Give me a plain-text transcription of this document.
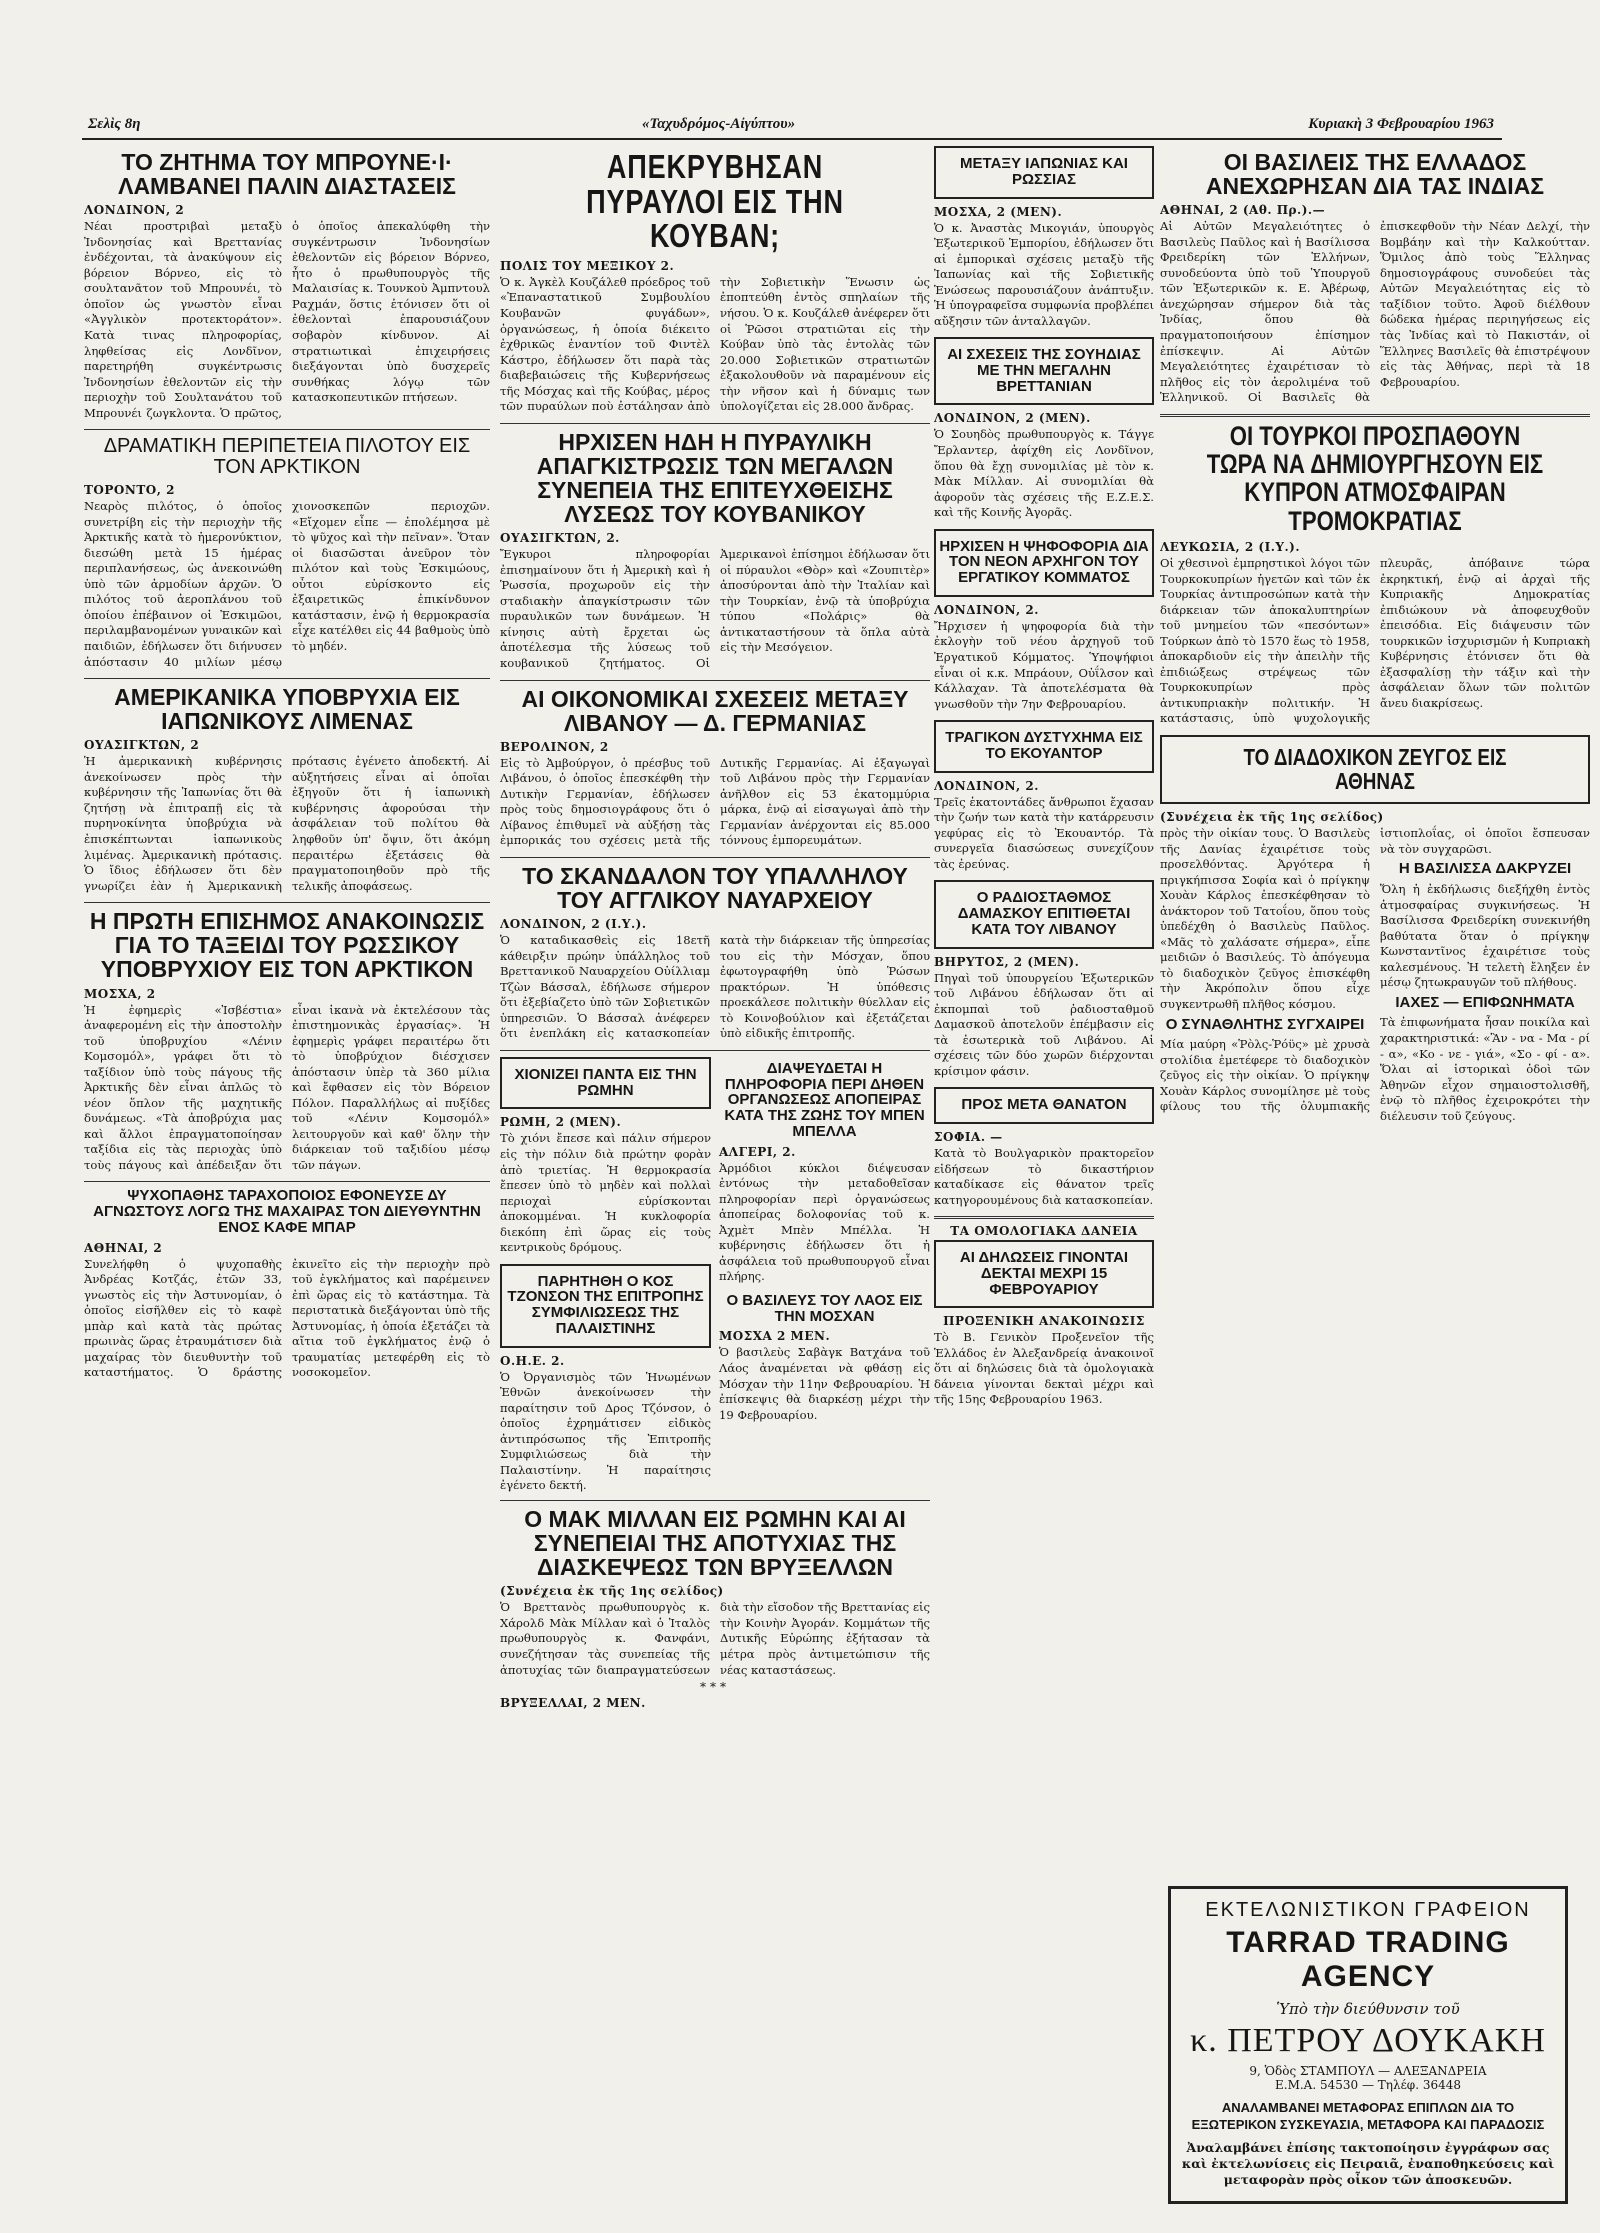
Σελὶς 8η	«Ταχυδρόμος-Αἰγύπτου»	Κυριακὴ 3 Φεβρουαρίου 1963
ΤΟ ΖΗΤΗΜΑ ΤΟΥ ΜΠΡΟΥΝΕ·Ι· ΛΑΜΒΑΝΕΙ ΠΑΛΙΝ ΔΙΑΣΤΑΣΕΙΣ
ΛΟΝΔΙΝΟΝ, 2

Νέαι προστριβαὶ μεταξὺ Ἰνδονησίας καὶ Βρεττανίας ἐνδέχονται, τὰ ἀνακύψουν εἰς βόρειον Βόρνεο, εἰς τὸ σουλτανᾶτον τοῦ Μπρουνέι, τὸ ὁποῖον ὡς γνωστὸν εἶναι «Ἀγγλικὸν προτεκτοράτον». Κατὰ τινας πληροφορίας, ληφθείσας εἰς Λονδῖνον, παρετηρήθη συγκέντρωσις Ἰνδονησίων ἐθελοντῶν εἰς τὴν περιοχὴν τοῦ Σουλτανάτου τοῦ Μπρουνέι ζωγκλοντα. Ὁ πρῶτος, ὁ ὁποῖος ἀπεκαλύφθη τὴν συγκέντρωσιν Ἰνδονησίων ἐθελοντῶν εἰς βόρειον Βόρνεο, ἦτο ὁ πρωθυπουργὸς τῆς Μαλαισίας κ. Τουνκοὺ Ἀμπντουλ Ραχμάν, ὅστις ἐτόνισεν ὅτι οἱ ἐθελονταὶ ἐπαρουσιάζουν σοβαρὸν κίνδυνον. Αἱ στρατιωτικαὶ ἐπιχειρήσεις διεξάγονται ὑπὸ δυσχερεῖς συνθήκας λόγῳ τῶν κατασκοπευτικῶν πτήσεων.

ΔΡΑΜΑΤΙΚΗ ΠΕΡΙΠΕΤΕΙΑ ΠΙΛΟΤΟΥ ΕΙΣ ΤΟΝ ΑΡΚΤΙΚΟΝ
ΤΟΡΟΝΤΟ, 2

Νεαρὸς πιλότος, ὁ ὁποῖος συνετρίβη εἰς τὴν περιοχὴν τῆς Ἀρκτικῆς κατὰ τὸ ἡμερονύκτιον, διεσώθη μετὰ 15 ἡμέρας περιπλανήσεως, ὡς ἀνεκοινώθη ὑπὸ τῶν ἁρμοδίων ἀρχῶν. Ὁ πιλότος τοῦ ἀεροπλάνου τοῦ ὁποίου ἐπέβαινον οἱ Ἐσκιμῶοι, περιλαμβανομένων γυναικῶν καὶ παιδιῶν, ἐδήλωσεν ὅτι διήνυσεν ἀπόστασιν 40 μιλίων μέσῳ χιονοσκεπῶν περιοχῶν. «Εἴχομεν εἶπε — ἐπολέμησα μὲ τὸ ψῦχος καὶ τὴν πεῖναν». Ὅταν οἱ διασῶσται ἀνεῦρον τὸν πιλότον καὶ τοὺς Ἐσκιμώους, οὗτοι εὑρίσκοντο εἰς ἐξαιρετικῶς ἐπικίνδυνον κατάστασιν, ἐνῷ ἡ θερμοκρασία εἶχε κατέλθει εἰς 44 βαθμοὺς ὑπὸ τὸ μηδέν.

ΑΜΕΡΙΚΑΝΙΚΑ ΥΠΟΒΡΥΧΙΑ ΕΙΣ ΙΑΠΩΝΙΚΟΥΣ ΛΙΜΕΝΑΣ
ΟΥΑΣΙΓΚΤΩΝ, 2

Ἡ ἀμερικανικὴ κυβέρνησις ἀνεκοίνωσεν πρὸς τὴν κυβέρνησιν τῆς Ἰαπωνίας ὅτι θὰ ζητήσῃ νὰ ἐπιτραπῇ εἰς τὰ πυρηνοκίνητα ὑποβρύχια νὰ ἐπισκέπτωνται ἰαπωνικοὺς λιμένας. Ἀμερικανικὴ πρότασις. Ὁ ἴδιος ἐδήλωσεν ὅτι δὲν γνωρίζει ἐὰν ἡ Ἀμερικανικὴ πρότασις ἐγένετο ἀποδεκτή. Αἱ αὐξητήσεις εἶναι αἱ ὁποῖαι ἐξηγοῦν ὅτι ἡ ἰαπωνικὴ κυβέρνησις ἀφορούσαι τὴν ἀσφάλειαν τοῦ πολίτου θὰ ληφθοῦν ὑπ' ὄψιν, ὅτι ἀκόμη περαιτέρω ἐξετάσεις θὰ πραγματοποιηθοῦν πρὸ τῆς τελικῆς ἀποφάσεως.

Η ΠΡΩΤΗ ΕΠΙΣΗΜΟΣ ΑΝΑΚΟΙΝΩΣΙΣ ΓΙΑ ΤΟ ΤΑΞΕΙΔΙ ΤΟΥ ΡΩΣΣΙΚΟΥ ΥΠΟΒΡΥΧΙΟΥ ΕΙΣ ΤΟΝ ΑΡΚΤΙΚΟΝ
ΜΟΣΧΑ, 2

Ἡ ἐφημερὶς «Ἰσβέστια» ἀναφερομένη εἰς τὴν ἀποστολὴν τοῦ ὑποβρυχίου «Λένιν Κομσομόλ», γράφει ὅτι τὸ ταξίδιον ὑπὸ τοὺς πάγους τῆς Ἀρκτικῆς δὲν εἶναι ἁπλῶς τὸ νέον ὅπλον τῆς μαχητικῆς δυνάμεως. «Τὰ ἀποβρύχια μας καὶ ἄλλοι ἐπραγματοποίησαν ταξίδια εἰς τὰς περιοχὰς ὑπὸ τοὺς πάγους καὶ ἀπέδειξαν ὅτι εἶναι ἱκανὰ νὰ ἐκτελέσουν τὰς ἐπιστημονικὰς ἐργασίας». Ἡ ἐφημερὶς γράφει περαιτέρω ὅτι τὸ ὑποβρύχιον διέσχισεν ἀπόστασιν ὑπὲρ τὰ 360 μίλια καὶ ἔφθασεν εἰς τὸν Βόρειον Πόλον. Παραλλήλως αἱ πυξίδες τοῦ «Λένιν Κομσομόλ» λειτουργοῦν καὶ καθ' ὅλην τὴν διάρκειαν τοῦ ταξιδίου μέσῳ τῶν πάγων.

ΨΥΧΟΠΑΘΗΣ ΤΑΡΑΧΟΠΟΙΟΣ ΕΦΟΝΕΥΣΕ ΔΥ ΑΓΝΩΣΤΟΥΣ ΛΟΓΩ ΤΗΣ ΜΑΧΑΙΡΑΣ ΤΟΝ ΔΙΕΥΘΥΝΤΗΝ ΕΝΟΣ ΚΑΦΕ ΜΠΑΡ
ΑΘΗΝΑΙ, 2

Συνελήφθη ὁ ψυχοπαθὴς Ἀνδρέας Κοτζάς, ἐτῶν 33, γνωστὸς εἰς τὴν Ἀστυνομίαν, ὁ ὁποῖος εἰσῆλθεν εἰς τὸ καφὲ μπὰρ καὶ κατὰ τὰς πρώτας πρωινὰς ὥρας ἐτραυμάτισεν διὰ μαχαίρας τὸν διευθυντὴν τοῦ καταστήματος. Ὁ δράστης ἐκινεῖτο εἰς τὴν περιοχὴν πρὸ τοῦ ἐγκλήματος καὶ παρέμεινεν ἐπὶ ὥρας εἰς τὸ κατάστημα. Τὰ περιστατικὰ διεξάγονται ὑπὸ τῆς Ἀστυνομίας, ἡ ὁποία ἐξετάζει τὰ αἴτια τοῦ ἐγκλήματος ἐνῷ ὁ τραυματίας μετεφέρθη εἰς τὸ νοσοκομεῖον.

ΑΠΕΚΡΥΒΗΣΑΝ ΠΥΡΑΥΛΟΙ ΕΙΣ ΤΗΝ ΚΟΥΒΑΝ;
ΠΟΛΙΣ ΤΟΥ ΜΕΞΙΚΟΥ 2.

Ὁ κ. Ἀγκὲλ Κουζάλεθ πρόεδρος τοῦ «Ἐπαναστατικοῦ Συμβουλίου Κουβανῶν φυγάδων», ὀργανώσεως, ἡ ὁποία διέκειτο ἐχθρικῶς ἐναντίον τοῦ Φιντὲλ Κάστρο, ἐδήλωσεν ὅτι παρὰ τὰς διαβεβαιώσεις τῆς Κυβερνήσεως τῆς Μόσχας καὶ τῆς Κούβας, μέρος τῶν πυραύλων ποὺ ἐστάλησαν ἀπὸ τὴν Σοβιετικὴν Ἕνωσιν ὡς ἐποπτεύθη ἐντὸς σπηλαίων τῆς νήσου. Ὁ κ. Κουζάλεθ ἀνέφερεν ὅτι οἱ Ῥῶσοι στρατιῶται εἰς τὴν Κούβαν ὑπὸ τὰς ἐντολὰς τῶν 20.000 Σοβιετικῶν στρατιωτῶν ἐξακολουθοῦν νὰ παραμένουν εἰς τὴν νῆσον καὶ ἡ δύναμις των ὑπολογίζεται εἰς 28.000 ἄνδρας.

ΗΡΧΙΣΕΝ ΗΔΗ Η ΠΥΡΑΥΛΙΚΗ ΑΠΑΓΚΙΣΤΡΩΣΙΣ ΤΩΝ ΜΕΓΑΛΩΝ ΣΥΝΕΠΕΙΑ ΤΗΣ ΕΠΙΤΕΥΧΘΕΙΣΗΣ ΛΥΣΕΩΣ ΤΟΥ ΚΟΥΒΑΝΙΚΟΥ
ΟΥΑΣΙΓΚΤΩΝ, 2.

Ἔγκυροι πληροφορίαι ἐπισημαίνουν ὅτι ἡ Ἀμερικὴ καὶ ἡ Ῥωσσία, προχωροῦν εἰς τὴν σταδιακὴν ἀπαγκίστρωσιν τῶν πυραυλικῶν των δυνάμεων. Ἡ κίνησις αὐτὴ ἔρχεται ὡς ἀποτέλεσμα τῆς λύσεως τοῦ κουβανικοῦ ζητήματος. Οἱ Ἀμερικανοὶ ἐπίσημοι ἐδήλωσαν ὅτι οἱ πύραυλοι «Θὸρ» καὶ «Ζουπιτὲρ» ἀποσύρονται ἀπὸ τὴν Ἰταλίαν καὶ τὴν Τουρκίαν, ἐνῷ τὰ ὑποβρύχια τύπου «Πολάρις» θὰ ἀντικαταστήσουν τὰ ὅπλα αὐτὰ εἰς τὴν Μεσόγειον.

ΑΙ ΟΙΚΟΝΟΜΙΚΑΙ ΣΧΕΣΕΙΣ ΜΕΤΑΞΥ ΛΙΒΑΝΟΥ — Δ. ΓΕΡΜΑΝΙΑΣ
ΒΕΡΟΛΙΝΟΝ, 2

Εἰς τὸ Ἀμβούργον, ὁ πρέσβυς τοῦ Λιβάνου, ὁ ὁποῖος ἐπεσκέφθη τὴν Δυτικὴν Γερμανίαν, ἐδήλωσεν πρὸς τοὺς δημοσιογράφους ὅτι ὁ Λίβανος ἐπιθυμεῖ νὰ αὐξήσῃ τὰς ἐμπορικάς του σχέσεις μετὰ τῆς Δυτικῆς Γερμανίας. Αἱ ἐξαγωγαὶ τοῦ Λιβάνου πρὸς τὴν Γερμανίαν ἀνῆλθον εἰς 53 ἑκατομμύρια μάρκα, ἐνῷ αἱ εἰσαγωγαὶ ἀπὸ τὴν Γερμανίαν ἀνέρχονται εἰς 85.000 τόννους ἐμπορευμάτων.

ΤΟ ΣΚΑΝΔΑΛΟΝ ΤΟΥ ΥΠΑΛΛΗΛΟΥ ΤΟΥ ΑΓΓΛΙΚΟΥ ΝΑΥΑΡΧΕΙΟΥ
ΛΟΝΔΙΝΟΝ, 2 (Ι.Υ.).

Ὁ καταδικασθεὶς εἰς 18ετῆ κάθειρξιν πρώην ὑπάλληλος τοῦ Βρεττανικοῦ Ναυαρχείου Οὐίλλιαμ Τζὼν Βάσσαλ, ἐδήλωσε σήμερον ὅτι ἐξεβίαζετο ὑπὸ τῶν Σοβιετικῶν ὑπηρεσιῶν. Ὁ Βάσσαλ ἀνέφερεν ὅτι ἐνεπλάκη εἰς κατασκοπείαν κατὰ τὴν διάρκειαν τῆς ὑπηρεσίας του εἰς τὴν Μόσχαν, ὅπου ἐφωτογραφήθη ὑπὸ Ῥώσων πρακτόρων. Ἡ ὑπόθεσις προεκάλεσε πολιτικὴν θύελλαν εἰς τὸ Κοινοβούλιον καὶ ἐξετάζεται ὑπὸ εἰδικῆς ἐπιτροπῆς.

ΧΙΟΝΙΖΕΙ ΠΑΝΤΑ ΕΙΣ ΤΗΝ ΡΩΜΗΝ
ΡΩΜΗ, 2 (ΜΕΝ).

Τὸ χιόνι ἔπεσε καὶ πάλιν σήμερον εἰς τὴν πόλιν διὰ πρώτην φορὰν ἀπὸ τριετίας. Ἡ θερμοκρασία ἔπεσεν ὑπὸ τὸ μηδὲν καὶ πολλαὶ περιοχαὶ εὑρίσκονται ἀποκομμέναι. Ἡ κυκλοφορία διεκόπη ἐπὶ ὥρας εἰς τοὺς κεντρικοὺς δρόμους.

ΠΑΡΗΤΗΘΗ Ο ΚΟΣ ΤΖΟΝΣΟΝ ΤΗΣ ΕΠΙΤΡΟΠΗΣ ΣΥΜΦΙΛΙΩΣΕΩΣ ΤΗΣ ΠΑΛΑΙΣΤΙΝΗΣ
Ο.Η.Ε. 2.

Ὁ Ὀργανισμὸς τῶν Ἡνωμένων Ἐθνῶν ἀνεκοίνωσεν τὴν παραίτησιν τοῦ Δρος Τζόνσον, ὁ ὁποῖος ἐχρημάτισεν εἰδικὸς ἀντιπρόσωπος τῆς Ἐπιτροπῆς Συμφιλιώσεως διὰ τὴν Παλαιστίνην. Ἡ παραίτησις ἐγένετο δεκτή.

ΔΙΑΨΕΥΔΕΤΑΙ Η ΠΛΗΡΟΦΟΡΙΑ ΠΕΡΙ ΔΗΘΕΝ ΟΡΓΑΝΩΣΕΩΣ ΑΠΟΠΕΙΡΑΣ ΚΑΤΑ ΤΗΣ ΖΩΗΣ ΤΟΥ ΜΠΕΝ ΜΠΕΛΛΑ
ΑΛΓΕΡΙ, 2.

Ἀρμόδιοι κύκλοι διέψευσαν ἐντόνως τὴν μεταδοθεῖσαν πληροφορίαν περὶ ὀργανώσεως ἀποπείρας δολοφονίας τοῦ κ. Ἀχμὲτ Μπὲν Μπέλλα. Ἡ κυβέρνησις ἐδήλωσεν ὅτι ἡ ἀσφάλεια τοῦ πρωθυπουργοῦ εἶναι πλήρης.

Ο ΒΑΣΙΛΕΥΣ ΤΟΥ ΛΑΟΣ ΕΙΣ ΤΗΝ ΜΟΣΧΑΝ
ΜΟΣΧΑ 2 ΜΕΝ.

Ὁ βασιλεὺς Σαβὰγκ Βατχάνα τοῦ Λάος ἀναμένεται νὰ φθάσῃ εἰς Μόσχαν τὴν 11ην Φεβρουαρίου. Ἡ ἐπίσκεψις θὰ διαρκέσῃ μέχρι τὴν 19 Φεβρουαρίου.

Ο ΜΑΚ ΜΙΛΛΑΝ ΕΙΣ ΡΩΜΗΝ ΚΑΙ ΑΙ ΣΥΝΕΠΕΙΑΙ ΤΗΣ ΑΠΟΤΥΧΙΑΣ ΤΗΣ ΔΙΑΣΚΕΨΕΩΣ ΤΩΝ ΒΡΥΞΕΛΛΩΝ
(Συνέχεια ἐκ τῆς 1ης σελίδος)

Ὁ Βρεττανὸς πρωθυπουργὸς κ. Χάρολδ Μὰκ Μίλλαν καὶ ὁ Ἰταλὸς πρωθυπουργὸς κ. Φανφάνι, συνεζήτησαν τὰς συνεπείας τῆς ἀποτυχίας τῶν διαπραγματεύσεων διὰ τὴν εἴσοδον τῆς Βρεττανίας εἰς τὴν Κοινὴν Ἀγοράν. Κομμάτων τῆς Δυτικῆς Εὐρώπης ἐξήτασαν τὰ μέτρα πρὸς ἀντιμετώπισιν τῆς νέας καταστάσεως.

***
ΒΡΥΞΕΛΛΑΙ, 2 ΜΕΝ.
ΜΕΤΑΞΥ ΙΑΠΩΝΙΑΣ ΚΑΙ ΡΩΣΣΙΑΣ
ΜΟΣΧΑ, 2 (ΜΕΝ).

Ὁ κ. Ἀναστὰς Μικογιάν, ὑπουργὸς Ἐξωτερικοῦ Ἐμπορίου, ἐδήλωσεν ὅτι αἱ ἐμπορικαὶ σχέσεις μεταξὺ τῆς Ἰαπωνίας καὶ τῆς Σοβιετικῆς Ἑνώσεως παρουσιάζουν ἀνάπτυξιν. Ἡ ὑπογραφεῖσα συμφωνία προβλέπει αὔξησιν τῶν ἀνταλλαγῶν.

ΑΙ ΣΧΕΣΕΙΣ ΤΗΣ ΣΟΥΗΔΙΑΣ ΜΕ ΤΗΝ ΜΕΓΑΛΗΝ ΒΡΕΤΤΑΝΙΑΝ
ΛΟΝΔΙΝΟΝ, 2 (ΜΕΝ).

Ὁ Σουηδὸς πρωθυπουργὸς κ. Τάγγε Ἔρλαντερ, ἀφίχθη εἰς Λονδῖνον, ὅπου θὰ ἔχῃ συνομιλίας μὲ τὸν κ. Μὰκ Μίλλαν. Αἱ συνομιλίαι θὰ ἀφοροῦν τὰς σχέσεις τῆς Ε.Ζ.Ε.Σ. καὶ τῆς Κοινῆς Ἀγορᾶς.

ΗΡΧΙΣΕΝ Η ΨΗΦΟΦΟΡΙΑ ΔΙΑ ΤΟΝ ΝΕΟΝ ΑΡΧΗΓΟΝ ΤΟΥ ΕΡΓΑΤΙΚΟΥ ΚΟΜΜΑΤΟΣ
ΛΟΝΔΙΝΟΝ, 2.

Ἤρχισεν ἡ ψηφοφορία διὰ τὴν ἐκλογὴν τοῦ νέου ἀρχηγοῦ τοῦ Ἐργατικοῦ Κόμματος. Ὑποψήφιοι εἶναι οἱ κ.κ. Μπράουν, Οὐΐλσον καὶ Κάλλαχαν. Τὰ ἀποτελέσματα θὰ γνωσθοῦν τὴν 7ην Φεβρουαρίου.

ΤΡΑΓΙΚΟΝ ΔΥΣΤΥΧΗΜΑ ΕΙΣ ΤΟ ΕΚΟΥΑΝΤΟΡ
ΛΟΝΔΙΝΟΝ, 2.

Τρεῖς ἑκατοντάδες ἄνθρωποι ἔχασαν τὴν ζωήν των κατὰ τὴν κατάρρευσιν γεφύρας εἰς τὸ Ἐκουαντόρ. Τὰ συνεργεῖα διασώσεως συνεχίζουν τὰς ἐρεύνας.

Ο ΡΑΔΙΟΣΤΑΘΜΟΣ ΔΑΜΑΣΚΟΥ ΕΠΙΤΙΘΕΤΑΙ ΚΑΤΑ ΤΟΥ ΛΙΒΑΝΟΥ
ΒΗΡΥΤΟΣ, 2 (ΜΕΝ).

Πηγαὶ τοῦ ὑπουργείου Ἐξωτερικῶν τοῦ Λιβάνου ἐδήλωσαν ὅτι αἱ ἐκπομπαὶ τοῦ ῥαδιοσταθμοῦ Δαμασκοῦ ἀποτελοῦν ἐπέμβασιν εἰς τὰ ἐσωτερικὰ τοῦ Λιβάνου. Αἱ σχέσεις τῶν δύο χωρῶν διέρχονται κρίσιμον φάσιν.

ΠΡΟΣ ΜΕΤΑ ΘΑΝΑΤΟΝ
ΣΟΦΙΑ. —

Κατὰ τὸ Βουλγαρικὸν πρακτορεῖον εἰδήσεων τὸ δικαστήριον καταδίκασε εἰς θάνατον τρεῖς κατηγορουμένους διὰ κατασκοπείαν.

ΤΑ ΟΜΟΛΟΓΙΑΚΑ ΔΑΝΕΙΑ
ΑΙ ΔΗΛΩΣΕΙΣ ΓΙΝΟΝΤΑΙ ΔΕΚΤΑΙ ΜΕΧΡΙ 15 ΦΕΒΡΟΥΑΡΙΟΥ
ΠΡΟΞΕΝΙΚΗ ΑΝΑΚΟΙΝΩΣΙΣ

Τὸ Β. Γενικὸν Προξενεῖον τῆς Ἑλλάδος ἐν Ἀλεξανδρείᾳ ἀνακοινοῖ ὅτι αἱ δηλώσεις διὰ τὰ ὁμολογιακὰ δάνεια γίνονται δεκταὶ μέχρι καὶ τῆς 15ης Φεβρουαρίου 1963.

ΟΙ ΒΑΣΙΛΕΙΣ ΤΗΣ ΕΛΛΑΔΟΣ ΑΝΕΧΩΡΗΣΑΝ ΔΙΑ ΤΑΣ ΙΝΔΙΑΣ
ΑΘΗΝΑΙ, 2 (Αθ. Πρ.).—

Αἱ Αὐτῶν Μεγαλειότητες ὁ Βασιλεὺς Παῦλος καὶ ἡ Βασίλισσα Φρειδερίκη τῶν Ἑλλήνων, συνοδεύοντα ὑπὸ τοῦ Ὑπουργοῦ τῶν Ἐξωτερικῶν κ. Ε. Ἀβέρωφ, ἀνεχώρησαν σήμερον διὰ τὰς Ἰνδίας, ὅπου θὰ πραγματοποιήσουν ἐπίσημον ἐπίσκεψιν. Αἱ Αὐτῶν Μεγαλειότητες ἐχαιρέτισαν τὸ πλῆθος εἰς τὸν ἀερολιμένα τοῦ Ἑλληνικοῦ. Οἱ Βασιλεῖς θὰ ἐπισκεφθοῦν τὴν Νέαν Δελχί, τὴν Βομβάην καὶ τὴν Καλκούτταν. Ὅμιλος ἀπὸ τοὺς Ἕλληνας δημοσιογράφους συνοδεύει τὰς Αὐτῶν Μεγαλειότητας εἰς τὸ ταξίδιον τοῦτο. Ἀφοῦ διέλθουν δώδεκα ἡμέρας περιηγήσεως εἰς τὰς Ἰνδίας καὶ τὸ Πακιστάν, οἱ Ἕλληνες Βασιλεῖς θὰ ἐπιστρέψουν εἰς τὰς Ἀθήνας, περὶ τὰ 18 Φεβρουαρίου.

ΟΙ ΤΟΥΡΚΟΙ ΠΡΟΣΠΑΘΟΥΝ ΤΩΡΑ ΝΑ ΔΗΜΙΟΥΡΓΗΣΟΥΝ ΕΙΣ ΚΥΠΡΟΝ ΑΤΜΟΣΦΑΙΡΑΝ ΤΡΟΜΟΚΡΑΤΙΑΣ
ΛΕΥΚΩΣΙΑ, 2 (Ι.Υ.).

Οἱ χθεσινοὶ ἐμπρηστικοὶ λόγοι τῶν Τουρκοκυπρίων ἡγετῶν καὶ τῶν ἐκ Τουρκίας ἀντιπροσώπων κατὰ τὴν διάρκειαν τῶν ἀποκαλυπτηρίων τοῦ μνημείου τῶν «πεσόντων» Τούρκων ἀπὸ τὸ 1570 ἕως τὸ 1958, ἀποκαρδιοῦν εἰς τὴν ἀπειλὴν τῆς ἐπιδιώξεως στρέψεως τῶν Τουρκοκυπρίων πρὸς ἀντικυπριακὴν πολιτικήν. Ἡ κατάστασις, ὑπὸ ψυχολογικῆς πλευρᾶς, ἀπόβαινε τώρα ἐκρηκτική, ἐνῷ αἱ ἀρχαὶ τῆς Κυπριακῆς Δημοκρατίας ἐπιδιώκουν νὰ ἀποφευχθοῦν ἐπεισόδια. Εἰς διάψευσιν τῶν τουρκικῶν ἰσχυρισμῶν ἡ Κυπριακὴ Κυβέρνησις ἐτόνισεν ὅτι θὰ ἐξασφαλίσῃ τὴν τάξιν καὶ τὴν ἀσφάλειαν ὅλων τῶν πολιτῶν ἄνευ διακρίσεως.

ΤΟ ΔΙΑΔΟΧΙΚΟΝ ΖΕΥΓΟΣ ΕΙΣ ΑΘΗΝΑΣ
(Συνέχεια ἐκ τῆς 1ης σελίδος)

πρὸς τὴν οἰκίαν τους. Ὁ Βασιλεὺς τῆς Δανίας ἐχαιρέτισε τοὺς προσελθόντας. Ἀργότερα ἡ πριγκήπισσα Σοφία καὶ ὁ πρίγκηψ Χουὰν Κάρλος ἐπεσκέφθησαν τὸ ἀνάκτορον τοῦ Τατοΐου, ὅπου τοὺς ὑπεδέχθη ὁ Βασιλεὺς Παῦλος. «Μᾶς τὸ χαλάσατε σήμερα», εἶπε μειδιῶν ὁ Βασιλεύς. Τὸ ἀπόγευμα τὸ διαδοχικὸν ζεῦγος ἐπισκέφθη τὴν Ἀκρόπολιν ὅπου εἶχε συγκεντρωθῆ πλῆθος κόσμου.

Ο ΣΥΝΑΘΛΗΤΗΣ ΣΥΓΧΑΙΡΕΙ

Μία μαύρη «Ῥὸλς-Ῥόϋς» μὲ χρυσὰ στολίδια ἐμετέφερε τὸ διαδοχικὸν ζεῦγος εἰς τὴν οἰκίαν. Ὁ πρίγκηψ Χουὰν Κάρλος συνομίλησε μὲ τοὺς φίλους του τῆς ὀλυμπιακῆς ἱστιοπλοΐας, οἱ ὁποῖοι ἔσπευσαν νὰ τὸν συγχαρῶσι.

Η ΒΑΣΙΛΙΣΣΑ ΔΑΚΡΥΖΕΙ

Ὅλη ἡ ἐκδήλωσις διεξήχθη ἐντὸς ἀτμοσφαίρας συγκινήσεως. Ἡ Βασίλισσα Φρειδερίκη συνεκινήθη βαθύτατα ὅταν ὁ πρίγκηψ Κωνσταντῖνος ἐχαιρέτισε τοὺς καλεσμένους. Ἡ τελετὴ ἔληξεν ἐν μέσῳ ζητωκραυγῶν τοῦ πλήθους.

ΙΑΧΕΣ — ΕΠΙΦΩΝΗΜΑΤΑ

Τὰ ἐπιφωνήματα ἦσαν ποικίλα καὶ χαρακτηριστικά: «Ἂν - να - Μα - ρί - α», «Κο - νε - γιά», «Σο - φί - α». Ὅλαι αἱ ἱστορικαὶ ὁδοὶ τῶν Ἀθηνῶν εἶχον σημαιοστολισθῆ, ἐνῷ τὸ πλῆθος ἐχειροκρότει τὴν διέλευσιν τοῦ ζεύγους.

ΕΚΤΕΛΩΝΙΣΤΙΚΟΝ ΓΡΑΦΕΙΟΝ
TARRAD TRADING AGENCY
Ὑπὸ τὴν διεύθυνσιν τοῦ
κ. ΠΕΤΡΟΥ ΔΟΥΚΑΚΗ
9, Ὁδὸς ΣΤΑΜΠΟΥΛ — ΑΛΕΞΑΝΔΡΕΙΑ
Ε.Μ.Α. 54530 — Τηλέφ. 36448
ΑΝΑΛΑΜΒΑΝΕΙ ΜΕΤΑΦΟΡΑΣ ΕΠΙΠΛΩΝ ΔΙΑ ΤΟ ΕΞΩΤΕΡΙΚΟΝ ΣΥΣΚΕΥΑΣΙΑ, ΜΕΤΑΦΟΡΑ ΚΑΙ ΠΑΡΑΔΟΣΙΣ
Ἀναλαμβάνει ἐπίσης τακτοποίησιν ἐγγράφων σας καὶ ἐκτελωνίσεις εἰς Πειραιᾶ, ἐναποθηκεύσεις καὶ μεταφορὰν πρὸς οἶκον τῶν ἀποσκευῶν.
